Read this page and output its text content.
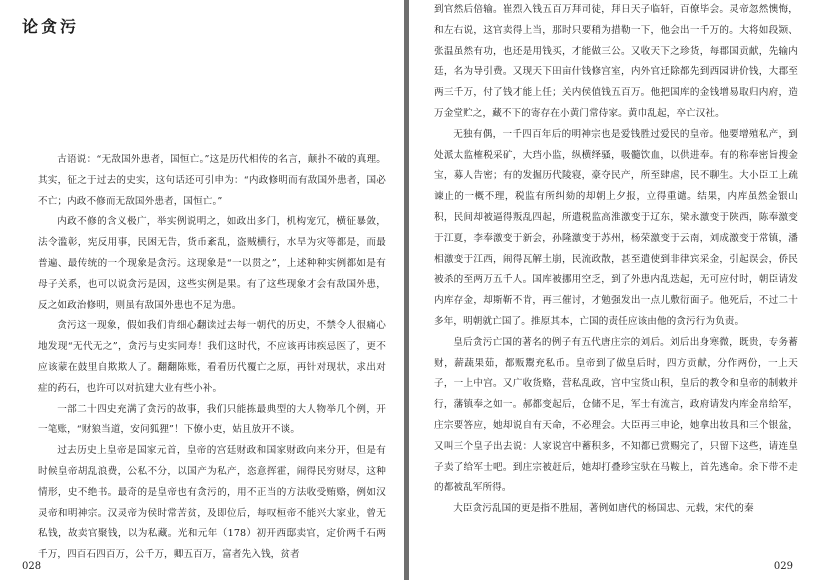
论贪污

古语说：“无敌国外患者，国恒亡。”这是历代相传的名言，颠扑不破的真理。其实，征之于过去的史实，这句话还可引申为：“内政修明而有敌国外患者，国必不亡；内政不修而无敌国外患者，国恒亡。”

内政不修的含义极广，举实例说明之，如政出多门，机构宠冗，横征暴敛，法令滥彰，宪反用事，民困无告，货币紊乱，盗贼横行，水旱为灾等都是，而最普遍、最传统的一个现象是贪污。这现象是“一以贯之”，上述种种实例都如是有母子关系，也可以说贪污是因，这些实例是果。有了这些现象才会有敌国外患，反之如政治修明，则虽有敌国外患也不足为患。

贪污这一现象，假如我们肯细心翻读过去每一朝代的历史，不禁令人很痛心地发现“无代无之”，贪污与史实同寿！我们这时代，不应该再讳疾忌医了，更不应该蒙在鼓里自欺欺人了。翻翻陈账，看看历代覆亡之原，再针对现状，求出对症的药石，也许可以对抗建大业有些小补。

一部二十四史充满了贪污的故事，我们只能拣最典型的大人物举几个例，开一笔账，“财狼当道，安问狐狸”！下僚小吏，姑且放开不谈。

过去历史上皇帝是国家元首，皇帝的宫廷财政和国家财政向来分开，但是有时候皇帝胡乱浪费，公私不分，以国产为私产，恣意挥霍，闹得民穷财尽，这种情形，史不绝书。最奇的是皇帝也有贪污的，用不正当的方法收受贿赂，例如汉灵帝和明神宗。汉灵帝为侯时常苦贫，及即位后，每叹桓帝不能兴大家业，曾无私钱，故卖官聚钱，以为私藏。光和元年（178）初开西邸卖官，定价两千石两千万，四百石四百万，公千万，卿五百万，富者先入钱，贫者

028

到官然后倍输。崔烈入钱五百万拜司徒，拜日天子临轩，百僚毕会。灵帝忽然懊悔，和左右说，这官卖得上当，那时只要稍为措勒一下，他会出一千万的。大将如段颎、张温虽然有功，也还是用钱买，才能做三公。又收天下之珍货，每郡国贡献，先输内廷，名为导引费。又现天下田亩什钱修宫室，内外官迁除都先到西园讲价钱，大郡至两三千万，付了钱才能上任；关内侯值钱五百万。他把国库的金钱增易取归内府，造万金堂贮之，藏不下的寄存在小黄门常侍家。黄巾乱起，卒亡汉社。

无独有偶，一千四百年后的明神宗也是爱钱胜过爱民的皇帝。他要增殖私产，到处派太监榷税采矿，大珰小监，纵横绎骚，吸髓饮血，以供进奉。有的称奉密旨搜金宝，募人告密；有的发掘历代陵寝，豪夺民产，所至肆虐，民不聊生。大小臣工上疏谏止的一概不理，税监有所纠劾的却朝上夕报，立得重谴。结果，内库虽然金银山积，民间却被逼得叛乱四起，所遣税监高淮激变于辽东，梁永激变于陕西，陈奉激变于江夏，李奉激变于新会，孙隆激变于苏州，杨荣激变于云南，刘成激变于常镇，潘相激变于江西，闹得瓦解土崩，民流政散，甚至遣使到非律宾采金，引起误会，侨民被杀的至两万五千人。国库被挪用空乏，到了外患内乱迭起，无可应付时，朝臣请发内库存金，却斯靳不肯，再三催讨，才勉强发出一点儿敷衍面子。他死后，不过二十多年，明朝就亡国了。推原其本，亡国的责任应该由他的贪污行为负责。

皇后贪污亡国的著名的例子有五代唐庄宗的刘后。刘后出身寒微，既贵，专务蓄财，薪蔬果茹，都贩鬻充私币。皇帝到了做皇后时，四方贡献，分作两份，一上天子，一上中宫。又广收货赂，营私乱政，宫中宝货山积，皇后的教令和皇帝的制敕并行，藩镇奉之如一。郝都变起后，仓储不足，军士有流言，政府请发内库金帛给军，庄宗要答应，她却说自有天命，不必理会。大臣再三申论，她拿出妆具和三个银盆，又叫三个皇子出去说：人家说宫中蓄积多，不知都已赏赐完了，只留下这些，请连皇子卖了给军士吧。到庄宗被赶后，她却打叠珍宝驮在马鞍上，首先逃命。余下带不走的都被乱军所得。

大臣贪污乱国的更是指不胜屈，著例如唐代的杨国忠、元载，宋代的秦

029
